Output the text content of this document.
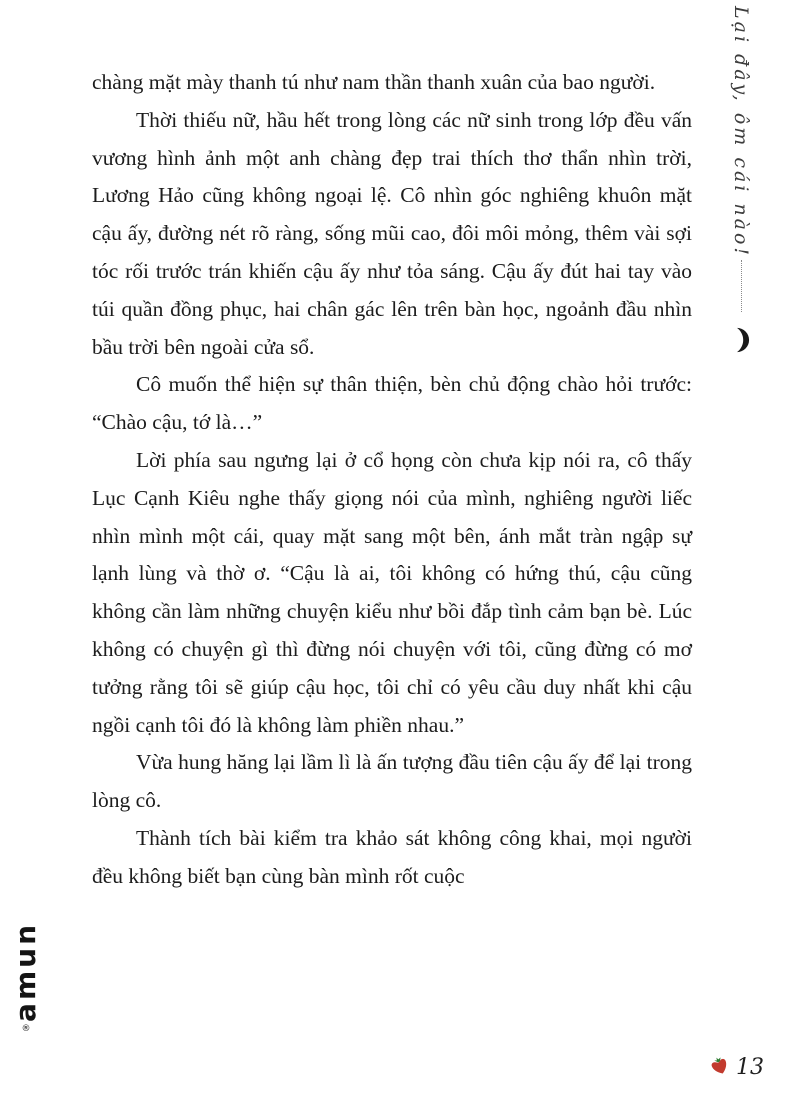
Lại đây, ôm cái nào!

chàng mặt mày thanh tú như nam thần thanh xuân của bao người.

Thời thiếu nữ, hầu hết trong lòng các nữ sinh trong lớp đều vấn vương hình ảnh một anh chàng đẹp trai thích thơ thẩn nhìn trời, Lương Hảo cũng không ngoại lệ. Cô nhìn góc nghiêng khuôn mặt cậu ấy, đường nét rõ ràng, sống mũi cao, đôi môi mỏng, thêm vài sợi tóc rối trước trán khiến cậu ấy như tỏa sáng. Cậu ấy đút hai tay vào túi quần đồng phục, hai chân gác lên trên bàn học, ngoảnh đầu nhìn bầu trời bên ngoài cửa sổ.

Cô muốn thể hiện sự thân thiện, bèn chủ động chào hỏi trước: “Chào cậu, tớ là…”

Lời phía sau ngưng lại ở cổ họng còn chưa kịp nói ra, cô thấy Lục Cạnh Kiêu nghe thấy giọng nói của mình, nghiêng người liếc nhìn mình một cái, quay mặt sang một bên, ánh mắt tràn ngập sự lạnh lùng và thờ ơ. “Cậu là ai, tôi không có hứng thú, cậu cũng không cần làm những chuyện kiểu như bồi đắp tình cảm bạn bè. Lúc không có chuyện gì thì đừng nói chuyện với tôi, cũng đừng có mơ tưởng rằng tôi sẽ giúp cậu học, tôi chỉ có yêu cầu duy nhất khi cậu ngồi cạnh tôi đó là không làm phiền nhau.”

Vừa hung hăng lại lầm lì là ấn tượng đầu tiên cậu ấy để lại trong lòng cô.

Thành tích bài kiểm tra khảo sát không công khai, mọi người đều không biết bạn cùng bàn mình rốt cuộc

amun
®
13
